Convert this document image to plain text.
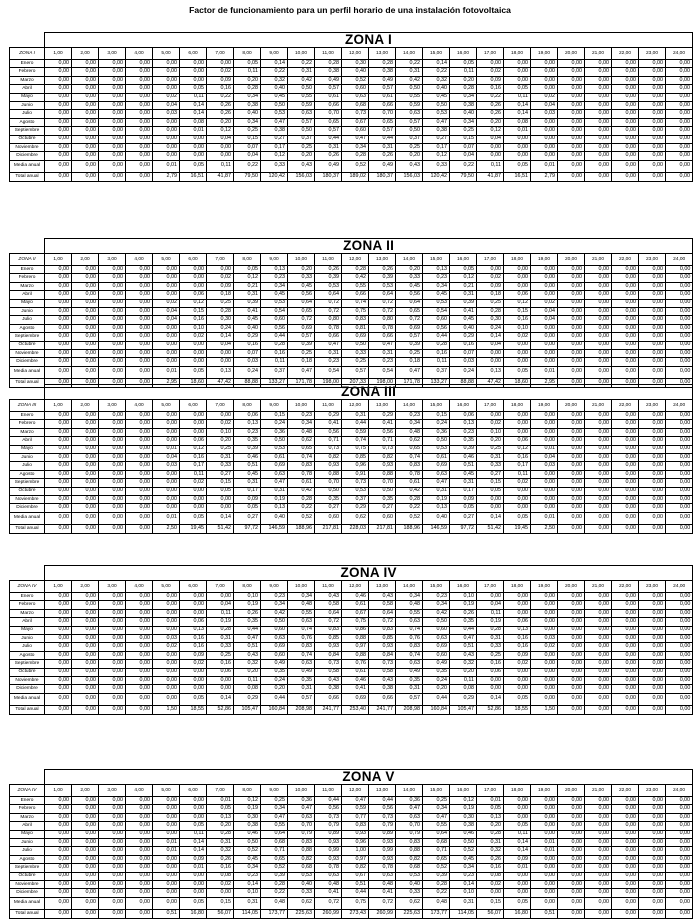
Factor de funcionamiento para un perfil horario de una instalación fotovoltaica
	ZONA I																							
ZONA I	1,00	2,00	3,00	4,00	5,00	6,00	7,00	8,00	9,00	10,00	11,00	12,00	13,00	14,00	15,00	16,00	17,00	18,00	19,00	20,00	21,00	22,00	23,00	24,00
Enero	0,00	0,00	0,00	0,00	0,00	0,00	0,00	0,05	0,14	0,22	0,28	0,30	0,28	0,22	0,14	0,05	0,00	0,00	0,00	0,00	0,00	0,00	0,00	0,00
Febrero	0,00	0,00	0,00	0,00	0,00	0,00	0,02	0,11	0,22	0,31	0,38	0,40	0,38	0,31	0,22	0,11	0,02	0,00	0,00	0,00	0,00	0,00	0,00	0,00
Marzo	0,00	0,00	0,00	0,00	0,00	0,00	0,09	0,20	0,32	0,42	0,49	0,52	0,49	0,42	0,32	0,20	0,09	0,00	0,00	0,00	0,00	0,00	0,00	0,00
Abril	0,00	0,00	0,00	0,00	0,00	0,05	0,16	0,28	0,40	0,50	0,57	0,60	0,57	0,50	0,40	0,28	0,16	0,05	0,00	0,00	0,00	0,00	0,00	0,00
Mayo	0,00	0,00	0,00	0,00	0,02	0,11	0,22	0,34	0,45	0,55	0,61	0,63	0,61	0,55	0,45	0,34	0,22	0,11	0,02	0,00	0,00	0,00	0,00	0,00
Junio	0,00	0,00	0,00	0,00	0,04	0,14	0,26	0,38	0,50	0,59	0,66	0,68	0,66	0,59	0,50	0,38	0,26	0,14	0,04	0,00	0,00	0,00	0,00	0,00
Julio	0,00	0,00	0,00	0,00	0,03	0,14	0,26	0,40	0,53	0,63	0,70	0,73	0,70	0,63	0,53	0,40	0,26	0,14	0,03	0,00	0,00	0,00	0,00	0,00
Agosto	0,00	0,00	0,00	0,00	0,00	0,08	0,20	0,34	0,47	0,57	0,65	0,67	0,65	0,57	0,47	0,34	0,20	0,08	0,00	0,00	0,00	0,00	0,00	0,00
Septiembre	0,00	0,00	0,00	0,00	0,00	0,01	0,12	0,25	0,38	0,50	0,57	0,60	0,57	0,50	0,38	0,25	0,12	0,01	0,00	0,00	0,00	0,00	0,00	0,00
Octubre	0,00	0,00	0,00	0,00	0,00	0,00	0,04	0,15	0,27	0,37	0,44	0,47	0,44	0,37	0,27	0,15	0,04	0,00	0,00	0,00	0,00	0,00	0,00	0,00
Noviembre	0,00	0,00	0,00	0,00	0,00	0,00	0,00	0,07	0,17	0,25	0,31	0,34	0,31	0,25	0,17	0,07	0,00	0,00	0,00	0,00	0,00	0,00	0,00	0,00
Diciembre	0,00	0,00	0,00	0,00	0,00	0,00	0,00	0,04	0,12	0,20	0,26	0,28	0,26	0,20	0,12	0,04	0,00	0,00	0,00	0,00	0,00	0,00	0,00	0,00
Media anual	0,00	0,00	0,00	0,00	0,01	0,05	0,11	0,22	0,33	0,43	0,49	0,52	0,49	0,43	0,33	0,22	0,11	0,05	0,01	0,00	0,00	0,00	0,00	0,00
Total anual	0,00	0,00	0,00	0,00	2,79	16,51	41,87	79,50	120,42	156,03	180,37	189,02	180,37	156,03	120,42	79,50	41,87	16,51	2,79	0,00	0,00	0,00	0,00	0,00
	ZONA II																							
ZONA II	1,00	2,00	3,00	4,00	5,00	6,00	7,00	8,00	9,00	10,00	11,00	12,00	13,00	14,00	15,00	16,00	17,00	18,00	19,00	20,00	21,00	22,00	23,00	24,00
Enero	0,00	0,00	0,00	0,00	0,00	0,00	0,00	0,05	0,13	0,20	0,26	0,28	0,26	0,20	0,13	0,05	0,00	0,00	0,00	0,00	0,00	0,00	0,00	0,00
Febrero	0,00	0,00	0,00	0,00	0,00	0,00	0,02	0,12	0,23	0,33	0,39	0,42	0,39	0,33	0,23	0,12	0,02	0,00	0,00	0,00	0,00	0,00	0,00	0,00
Marzo	0,00	0,00	0,00	0,00	0,00	0,00	0,09	0,21	0,34	0,45	0,53	0,55	0,53	0,45	0,34	0,21	0,09	0,00	0,00	0,00	0,00	0,00	0,00	0,00
Abril	0,00	0,00	0,00	0,00	0,00	0,06	0,18	0,31	0,45	0,56	0,64	0,66	0,64	0,56	0,45	0,31	0,18	0,06	0,00	0,00	0,00	0,00	0,00	0,00
Mayo	0,00	0,00	0,00	0,00	0,02	0,12	0,25	0,39	0,53	0,64	0,72	0,74	0,72	0,64	0,53	0,39	0,25	0,12	0,02	0,00	0,00	0,00	0,00	0,00
Junio	0,00	0,00	0,00	0,00	0,04	0,15	0,28	0,41	0,54	0,65	0,72	0,75	0,72	0,65	0,54	0,41	0,28	0,15	0,04	0,00	0,00	0,00	0,00	0,00
Julio	0,00	0,00	0,00	0,00	0,04	0,16	0,30	0,45	0,60	0,72	0,80	0,83	0,80	0,72	0,60	0,45	0,30	0,16	0,04	0,00	0,00	0,00	0,00	0,00
Agosto	0,00	0,00	0,00	0,00	0,00	0,10	0,24	0,40	0,56	0,69	0,78	0,81	0,78	0,69	0,56	0,40	0,24	0,10	0,00	0,00	0,00	0,00	0,00	0,00
Septiembre	0,00	0,00	0,00	0,00	0,00	0,02	0,14	0,29	0,44	0,57	0,66	0,69	0,66	0,57	0,44	0,29	0,14	0,02	0,00	0,00	0,00	0,00	0,00	0,00
Octubre	0,00	0,00	0,00	0,00	0,00	0,00	0,04	0,16	0,28	0,39	0,47	0,50	0,47	0,39	0,28	0,16	0,04	0,00	0,00	0,00	0,00	0,00	0,00	0,00
Noviembre	0,00	0,00	0,00	0,00	0,00	0,00	0,00	0,07	0,16	0,25	0,31	0,33	0,31	0,25	0,16	0,07	0,00	0,00	0,00	0,00	0,00	0,00	0,00	0,00
Diciembre	0,00	0,00	0,00	0,00	0,00	0,00	0,00	0,03	0,11	0,18	0,23	0,25	0,23	0,18	0,11	0,03	0,00	0,00	0,00	0,00	0,00	0,00	0,00	0,00
Media anual	0,00	0,00	0,00	0,00	0,01	0,05	0,13	0,24	0,37	0,47	0,54	0,57	0,54	0,47	0,37	0,24	0,13	0,05	0,01	0,00	0,00	0,00	0,00	0,00
Total anual	0,00	0,00	0,00	0,00	2,95	18,60	47,42	88,88	133,27	171,78	198,00	207,33	198,00	171,78	133,27	88,88	47,42	18,60	2,95	0,00	0,00	0,00	0,00	0,00
	ZONA III																							
ZONA III	1,00	2,00	3,00	4,00	5,00	6,00	7,00	8,00	9,00	10,00	11,00	12,00	13,00	14,00	15,00	16,00	17,00	18,00	19,00	20,00	21,00	22,00	23,00	24,00
Enero	0,00	0,00	0,00	0,00	0,00	0,00	0,00	0,06	0,15	0,23	0,29	0,31	0,29	0,23	0,15	0,06	0,00	0,00	0,00	0,00	0,00	0,00	0,00	0,00
Febrero	0,00	0,00	0,00	0,00	0,00	0,00	0,02	0,13	0,24	0,34	0,41	0,44	0,41	0,34	0,24	0,13	0,02	0,00	0,00	0,00	0,00	0,00	0,00	0,00
Marzo	0,00	0,00	0,00	0,00	0,00	0,00	0,10	0,23	0,36	0,48	0,56	0,59	0,56	0,48	0,36	0,23	0,10	0,00	0,00	0,00	0,00	0,00	0,00	0,00
Abril	0,00	0,00	0,00	0,00	0,00	0,06	0,20	0,35	0,50	0,62	0,71	0,74	0,71	0,62	0,50	0,35	0,20	0,06	0,00	0,00	0,00	0,00	0,00	0,00
Mayo	0,00	0,00	0,00	0,00	0,01	0,12	0,25	0,39	0,53	0,65	0,73	0,75	0,73	0,65	0,53	0,39	0,25	0,12	0,01	0,00	0,00	0,00	0,00	0,00
Junio	0,00	0,00	0,00	0,00	0,04	0,16	0,31	0,46	0,61	0,74	0,82	0,85	0,82	0,74	0,61	0,46	0,31	0,16	0,04	0,00	0,00	0,00	0,00	0,00
Julio	0,00	0,00	0,00	0,00	0,03	0,17	0,33	0,51	0,69	0,83	0,93	0,96	0,93	0,83	0,69	0,51	0,33	0,17	0,03	0,00	0,00	0,00	0,00	0,00
Agosto	0,00	0,00	0,00	0,00	0,00	0,11	0,27	0,45	0,63	0,78	0,88	0,91	0,88	0,78	0,63	0,45	0,27	0,11	0,00	0,00	0,00	0,00	0,00	0,00
Septiembre	0,00	0,00	0,00	0,00	0,00	0,02	0,15	0,31	0,47	0,61	0,70	0,73	0,70	0,61	0,47	0,31	0,15	0,02	0,00	0,00	0,00	0,00	0,00	0,00
Octubre	0,00	0,00	0,00	0,00	0,00	0,00	0,05	0,17	0,31	0,42	0,50	0,53	0,50	0,42	0,31	0,17	0,05	0,00	0,00	0,00	0,00	0,00	0,00	0,00
Noviembre	0,00	0,00	0,00	0,00	0,00	0,00	0,00	0,09	0,19	0,28	0,35	0,37	0,35	0,28	0,19	0,09	0,00	0,00	0,00	0,00	0,00	0,00	0,00	0,00
Diciembre	0,00	0,00	0,00	0,00	0,00	0,00	0,00	0,05	0,13	0,22	0,27	0,29	0,27	0,22	0,13	0,05	0,00	0,00	0,00	0,00	0,00	0,00	0,00	0,00
Media anual	0,00	0,00	0,00	0,00	0,01	0,05	0,14	0,27	0,40	0,52	0,60	0,62	0,60	0,52	0,40	0,27	0,14	0,05	0,01	0,00	0,00	0,00	0,00	0,00
Total anual	0,00	0,00	0,00	0,00	2,50	19,45	51,42	97,72	146,59	188,96	217,81	228,03	217,81	188,96	146,59	97,72	51,42	19,45	2,50	0,00	0,00	0,00	0,00	0,00
	ZONA IV																							
ZONA IV	1,00	2,00	3,00	4,00	5,00	6,00	7,00	8,00	9,00	10,00	11,00	12,00	13,00	14,00	15,00	16,00	17,00	18,00	19,00	20,00	21,00	22,00	23,00	24,00
Enero	0,00	0,00	0,00	0,00	0,00	0,00	0,00	0,10	0,23	0,34	0,43	0,46	0,43	0,34	0,23	0,10	0,00	0,00	0,00	0,00	0,00	0,00	0,00	0,00
Febrero	0,00	0,00	0,00	0,00	0,00	0,00	0,04	0,19	0,34	0,48	0,58	0,61	0,58	0,48	0,34	0,19	0,04	0,00	0,00	0,00	0,00	0,00	0,00	0,00
Marzo	0,00	0,00	0,00	0,00	0,00	0,00	0,11	0,26	0,42	0,55	0,64	0,67	0,64	0,55	0,42	0,26	0,11	0,00	0,00	0,00	0,00	0,00	0,00	0,00
Abril	0,00	0,00	0,00	0,00	0,00	0,06	0,19	0,35	0,50	0,63	0,72	0,75	0,72	0,63	0,50	0,35	0,19	0,06	0,00	0,00	0,00	0,00	0,00	0,00
Mayo	0,00	0,00	0,00	0,00	0,00	0,13	0,28	0,44	0,60	0,74	0,83	0,86	0,83	0,74	0,60	0,44	0,28	0,13	0,00	0,00	0,00	0,00	0,00	0,00
Junio	0,00	0,00	0,00	0,00	0,03	0,16	0,31	0,47	0,63	0,76	0,85	0,88	0,85	0,76	0,63	0,47	0,31	0,16	0,03	0,00	0,00	0,00	0,00	0,00
Julio	0,00	0,00	0,00	0,00	0,02	0,16	0,33	0,51	0,69	0,83	0,93	0,97	0,93	0,83	0,69	0,51	0,33	0,16	0,02	0,00	0,00	0,00	0,00	0,00
Agosto	0,00	0,00	0,00	0,00	0,00	0,09	0,25	0,43	0,60	0,74	0,84	0,88	0,84	0,74	0,60	0,43	0,25	0,09	0,00	0,00	0,00	0,00	0,00	0,00
Septiembre	0,00	0,00	0,00	0,00	0,00	0,02	0,16	0,32	0,49	0,63	0,73	0,76	0,73	0,63	0,49	0,32	0,16	0,02	0,00	0,00	0,00	0,00	0,00	0,00
Octubre	0,00	0,00	0,00	0,00	0,00	0,00	0,06	0,20	0,35	0,49	0,58	0,61	0,58	0,49	0,35	0,20	0,06	0,00	0,00	0,00	0,00	0,00	0,00	0,00
Noviembre	0,00	0,00	0,00	0,00	0,00	0,00	0,00	0,11	0,24	0,35	0,43	0,46	0,43	0,35	0,24	0,11	0,00	0,00	0,00	0,00	0,00	0,00	0,00	0,00
Diciembre	0,00	0,00	0,00	0,00	0,00	0,00	0,00	0,08	0,20	0,31	0,38	0,41	0,38	0,31	0,20	0,08	0,00	0,00	0,00	0,00	0,00	0,00	0,00	0,00
Media anual	0,00	0,00	0,00	0,00	0,00	0,05	0,14	0,29	0,44	0,57	0,66	0,69	0,66	0,57	0,44	0,29	0,14	0,05	0,00	0,00	0,00	0,00	0,00	0,00
Total anual	0,00	0,00	0,00	0,00	1,50	18,55	52,86	105,47	160,84	208,98	241,77	253,40	241,77	208,98	160,84	105,47	52,86	18,55	1,50	0,00	0,00	0,00	0,00	0,00
	ZONA V																							
ZONA IV	1,00	2,00	3,00	4,00	5,00	6,00	7,00	8,00	9,00	10,00	11,00	12,00	13,00	14,00	15,00	16,00	17,00	18,00	19,00	20,00	21,00	22,00	23,00	24,00
Enero	0,00	0,00	0,00	0,00	0,00	0,00	0,01	0,12	0,25	0,36	0,44	0,47	0,44	0,36	0,25	0,12	0,01	0,00	0,00	0,00	0,00	0,00	0,00	0,00
Febrero	0,00	0,00	0,00	0,00	0,00	0,00	0,05	0,19	0,34	0,47	0,56	0,59	0,56	0,47	0,34	0,19	0,05	0,00	0,00	0,00	0,00	0,00	0,00	0,00
Marzo	0,00	0,00	0,00	0,00	0,00	0,00	0,13	0,30	0,47	0,63	0,73	0,77	0,73	0,63	0,47	0,30	0,13	0,00	0,00	0,00	0,00	0,00	0,00	0,00
Abril	0,00	0,00	0,00	0,00	0,00	0,05	0,20	0,38	0,55	0,70	0,79	0,83	0,79	0,70	0,55	0,38	0,20	0,05	0,00	0,00	0,00	0,00	0,00	0,00
Mayo	0,00	0,00	0,00	0,00	0,00	0,11	0,28	0,46	0,64	0,79	0,89	0,93	0,89	0,79	0,64	0,46	0,28	0,11	0,00	0,00	0,00	0,00	0,00	0,00
Junio	0,00	0,00	0,00	0,00	0,01	0,14	0,31	0,50	0,68	0,83	0,93	0,96	0,93	0,83	0,68	0,50	0,31	0,14	0,01	0,00	0,00	0,00	0,00	0,00
Julio	0,00	0,00	0,00	0,00	0,01	0,14	0,32	0,52	0,71	0,88	0,99	1,00	0,99	0,88	0,71	0,52	0,32	0,14	0,01	0,00	0,00	0,00	0,00	0,00
Agosto	0,00	0,00	0,00	0,00	0,00	0,09	0,26	0,45	0,65	0,82	0,93	0,97	0,93	0,82	0,65	0,45	0,26	0,09	0,00	0,00	0,00	0,00	0,00	0,00
Septiembre	0,00	0,00	0,00	0,00	0,00	0,01	0,16	0,34	0,52	0,68	0,78	0,82	0,78	0,68	0,52	0,34	0,16	0,01	0,00	0,00	0,00	0,00	0,00	0,00
Octubre	0,00	0,00	0,00	0,00	0,00	0,00	0,08	0,23	0,39	0,53	0,63	0,67	0,63	0,53	0,39	0,23	0,08	0,00	0,00	0,00	0,00	0,00	0,00	0,00
Noviembre	0,00	0,00	0,00	0,00	0,00	0,00	0,02	0,14	0,28	0,40	0,48	0,51	0,48	0,40	0,28	0,14	0,02	0,00	0,00	0,00	0,00	0,00	0,00	0,00
Diciembre	0,00	0,00	0,00	0,00	0,00	0,00	0,00	0,10	0,22	0,33	0,41	0,44	0,41	0,33	0,22	0,10	0,00	0,00	0,00	0,00	0,00	0,00	0,00	0,00
Media anual	0,00	0,00	0,00	0,00	0,00	0,05	0,15	0,31	0,48	0,62	0,72	0,75	0,72	0,62	0,48	0,31	0,15	0,05	0,00	0,00	0,00	0,00	0,00	0,00
Total anual	0,00	0,00	0,00	0,00	0,51	16,80	56,07	114,05	173,77	225,63	260,99	273,43	260,99	225,63	173,77	114,05	56,07	16,80	0,51	0,00	0,00	0,00	0,00	0,00
